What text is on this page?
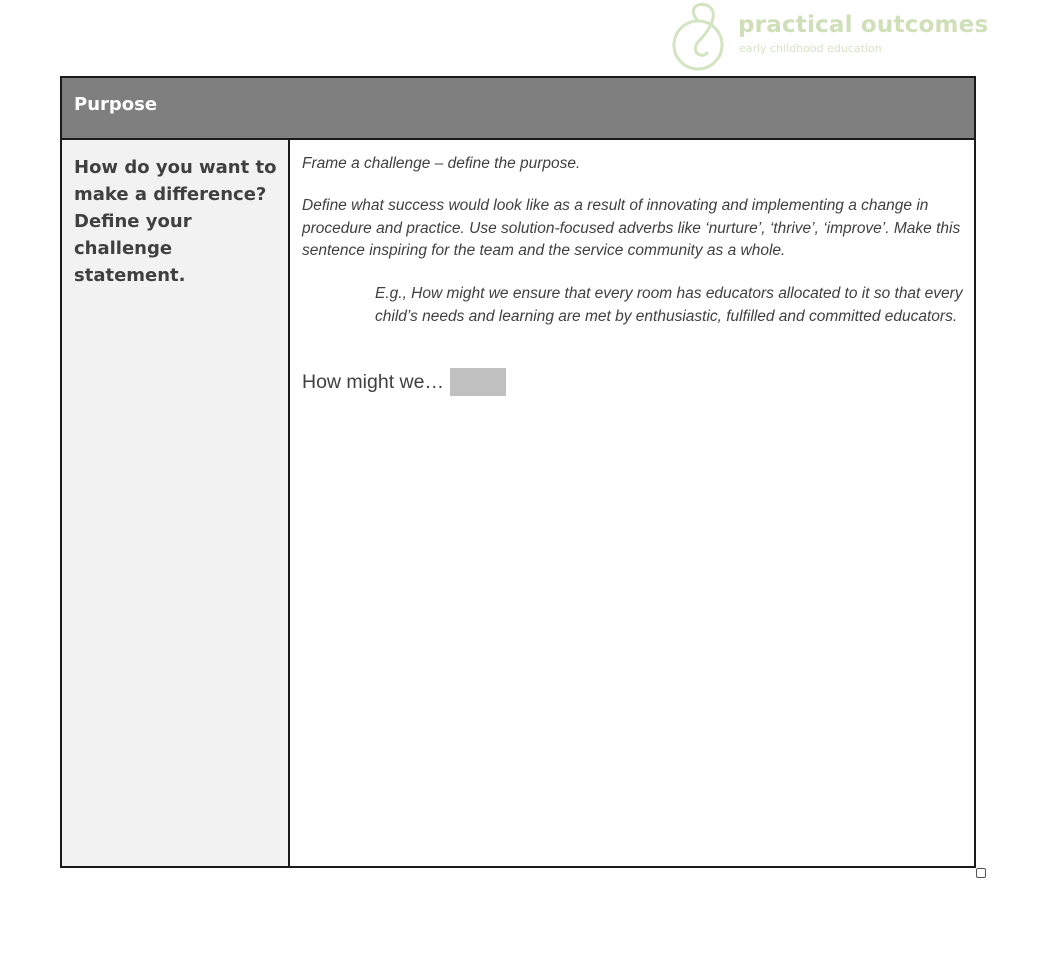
practical outcomes
early childhood education
Purpose
How do you want to make a difference? Define your challenge statement.
Frame a challenge – define the purpose.
Define what success would look like as a result of innovating and implementing a change in procedure and practice. Use solution-focused adverbs like ‘nurture’, ‘thrive’, ‘improve’. Make this sentence inspiring for the team and the service community as a whole.
E.g., How might we ensure that every room has educators allocated to it so that every child’s needs and learning are met by enthusiastic, fulfilled and committed educators.
How might we…
